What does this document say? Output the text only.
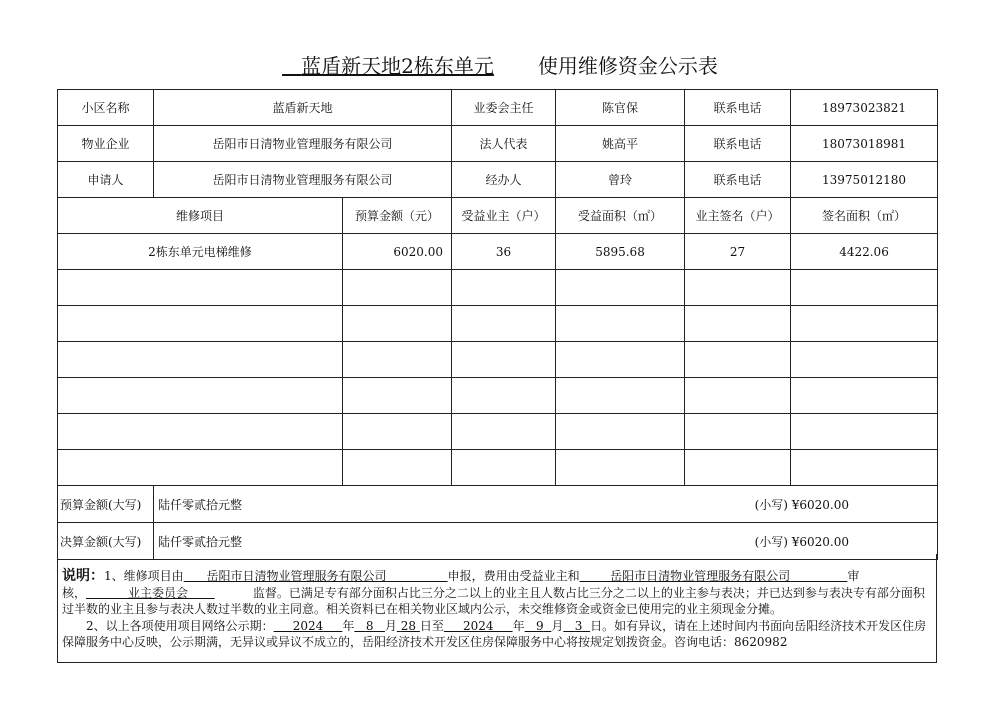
蓝盾新天地2栋东单元 使用维修资金公示表
小区名称	蓝盾新天地		业委会主任	陈官保	联系电话	18973023821
物业企业	岳阳市日清物业管理服务有限公司		法人代表	姚高平	联系电话	18073018981
申请人	岳阳市日清物业管理服务有限公司		经办人	曾玲	联系电话	13975012180
维修项目		预算金额（元）	受益业主（户）	受益面积（㎡）	业主签名（户）	签名面积（㎡）
2栋东单元电梯维修		6020.00	36	5895.68	27	4422.06

预算金额(大写)	陆仟零贰拾元整 (小写) ¥6020.00					

决算金额(大写)	陆仟零贰拾元整 (小写) ¥6020.00					
说明：1、维修项目由 岳阳市日清物业管理服务有限公司	申报，费用由受益业主和	岳阳市日清物业管理服务有限公司	审核，	业主委员会	监督。已满足专有部分面积占比三分之二以上的业主且人数占比三分之二以上的业主参与表决；并已达到参与表决专有部分面积过半数的业主且参与表决人数过半数的业主同意。相关资料已在相关物业区域内公示，未交维修资金或资金已使用完的业主须现金分摊。
2、以上各项使用项目网络公示期： 2024 年 8 月 28 日至 2024 年 9 月 3 日。如有异议，请在上述时间内书面向岳阳经济技术开发区住房保障服务中心反映，公示期满，无异议或异议不成立的，岳阳经济技术开发区住房保障服务中心将按规定划拨资金。咨询电话：8620982
